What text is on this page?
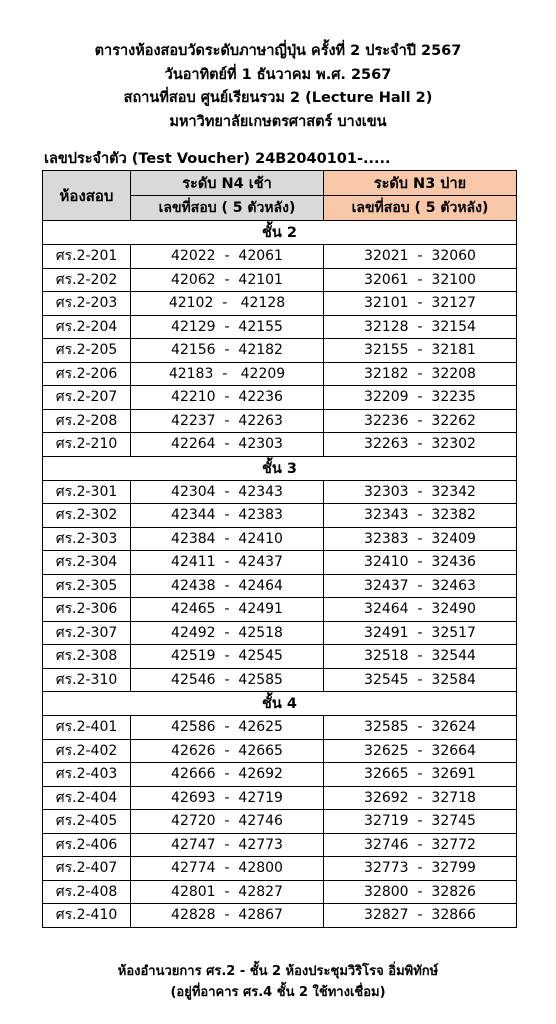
ตารางห้องสอบวัดระดับภาษาญี่ปุ่น ครั้งที่ 2 ประจำปี 2567
วันอาทิตย์ที่ 1 ธันวาคม พ.ศ. 2567
สถานที่สอบ ศูนย์เรียนรวม 2 (Lecture Hall 2)
มหาวิทยาลัยเกษตรศาสตร์ บางเขน
เลขประจำตัว (Test Voucher) 24B2040101-.....
ห้องสอบ	ระดับ N4 เช้า	ระดับ N3 บ่าย
	เลขที่สอบ ( 5 ตัวหลัง)	เลขที่สอบ ( 5 ตัวหลัง)
ชั้น 2		
ศร.2-201	42022  -  42061	32021  -  32060
ศร.2-202	42062  -  42101	32061  -  32100
ศร.2-203	42102  -   42128	32101  -  32127
ศร.2-204	42129  -  42155	32128  -  32154
ศร.2-205	42156  -  42182	32155  -  32181
ศร.2-206	42183  -   42209	32182  -  32208
ศร.2-207	42210  -  42236	32209  -  32235
ศร.2-208	42237  -  42263	32236  -  32262
ศร.2-210	42264  -  42303	32263  -  32302
ชั้น 3		
ศร.2-301	42304  -  42343	32303  -  32342
ศร.2-302	42344  -  42383	32343  -  32382
ศร.2-303	42384  -  42410	32383  -  32409
ศร.2-304	42411  -  42437	32410  -  32436
ศร.2-305	42438  -  42464	32437  -  32463
ศร.2-306	42465  -  42491	32464  -  32490
ศร.2-307	42492  -  42518	32491  -  32517
ศร.2-308	42519  -  42545	32518  -  32544
ศร.2-310	42546  -  42585	32545  -  32584
ชั้น 4		
ศร.2-401	42586  -  42625	32585  -  32624
ศร.2-402	42626  -  42665	32625  -  32664
ศร.2-403	42666  -  42692	32665  -  32691
ศร.2-404	42693  -  42719	32692  -  32718
ศร.2-405	42720  -  42746	32719  -  32745
ศร.2-406	42747  -  42773	32746  -  32772
ศร.2-407	42774  -  42800	32773  -  32799
ศร.2-408	42801  -  42827	32800  -  32826
ศร.2-410	42828  -  42867	32827  -  32866
ห้องอำนวยการ ศร.2 - ชั้น 2 ห้องประชุมวิริโรจ อิ่มพิทักษ์
(อยู่ที่อาคาร ศร.4 ชั้น 2 ใช้ทางเชื่อม)
